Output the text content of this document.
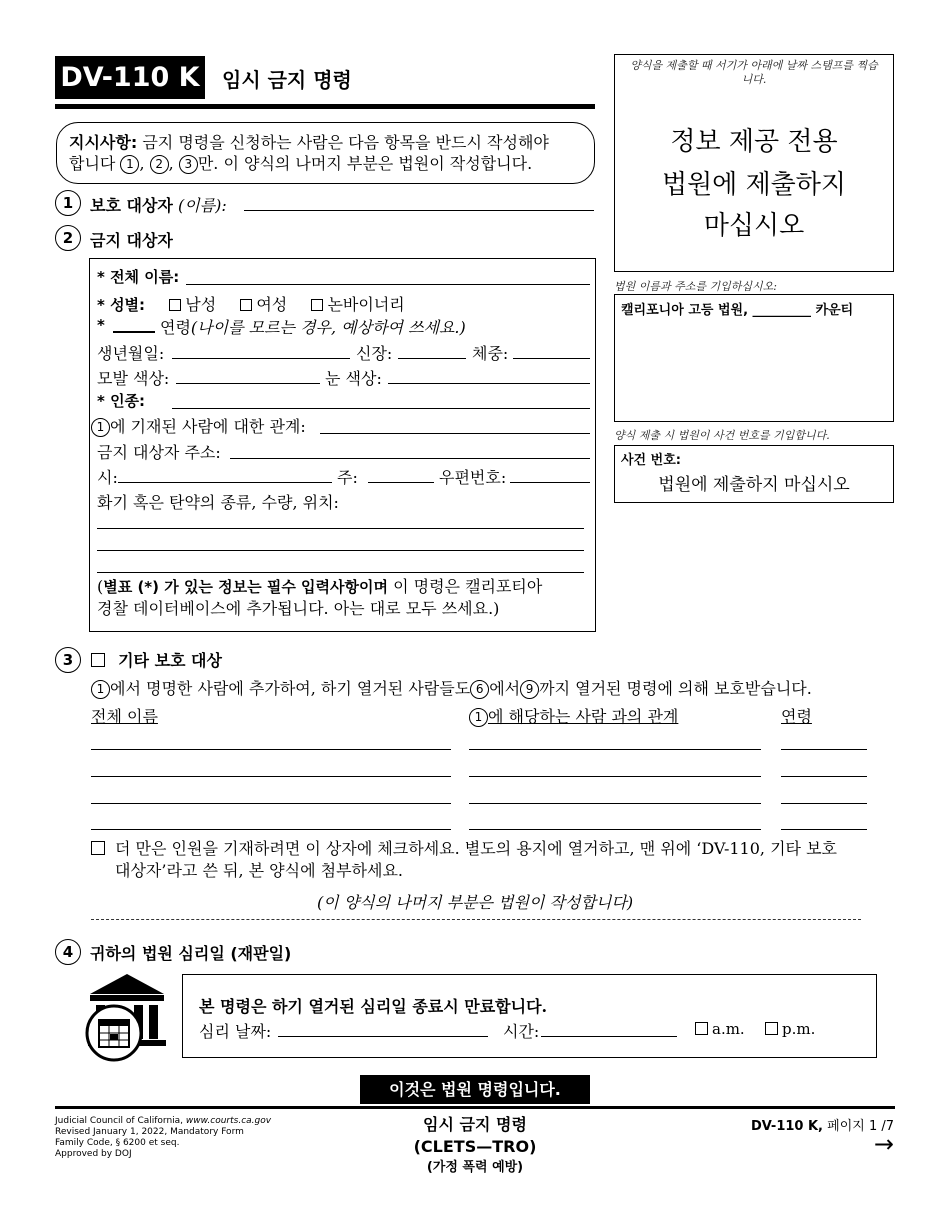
DV-110 K 임시 금지 명령
지시사항: 금지 명령을 신청하는 사람은 다음 항목을 반드시 작성해야
합니다 1 , 2 , 3 만. 이 양식의 나머지 부분은 법원이 작성합니다.
양식을 제출할 때 서기가 아래에 날짜 스탬프를 찍습니다.
정보 제공 전용
법원에 제출하지
마십시오
법원 이름과 주소를 기입하십시오:
캘리포니아 고등 법원, _________ 카운티
양식 제출 시 법원이 사건 번호를 기입합니다.
사건 번호:
법원에 제출하지 마십시오
1	보호 대상자 (이름):
2	금지 대상자
* 전체 이름:
* 성별:	남성	여성	논바이너리
*	연령(나이를 모르는 경우, 예상하여 쓰세요.)
생년월일:	신장:	체중:
모발 색상:	눈 색상:
* 인종:
1 에 기재된 사람에 대한 관계:
금지 대상자 주소:
시:	주:	우편번호:
화기 혹은 탄약의 종류, 수량, 위치:
(별표 (*) 가 있는 정보는 필수 입력사항이며 이 명령은 캘리포티아
경찰 데이터베이스에 추가됩니다. 아는 대로 모두 쓰세요.)
3	기타 보호 대상
1 에서 명명한 사람에 추가하여, 하기 열거된 사람들도 6 에서 9 까지 열거된 명령에 의해 보호받습니다.
전체 이름	1 에 해당하는 사람 과의 관계	연령
더 만은 인원을 기재하려면 이 상자에 체크하세요. 별도의 용지에 열거하고, 맨 위에 ‘DV-110, 기타 보호
대상자’라고 쓴 뒤, 본 양식에 첨부하세요.
(이 양식의 나머지 부분은 법원이 작성합니다)
4	귀하의 법원 심리일 (재판일)
본 명령은 하기 열거된 심리일 종료시 만료합니다.
심리 날짜:	시간:	a.m.	p.m.
이것은 법원 명령입니다.
Judicial Council of California, www.courts.ca.gov
Revised January 1, 2022, Mandatory Form
Family Code, § 6200 et seq.
Approved by DOJ
임시 금지 명령
(CLETS—TRO)
(가정 폭력 예방)
DV-110 K, 페이지 1 /7
→
